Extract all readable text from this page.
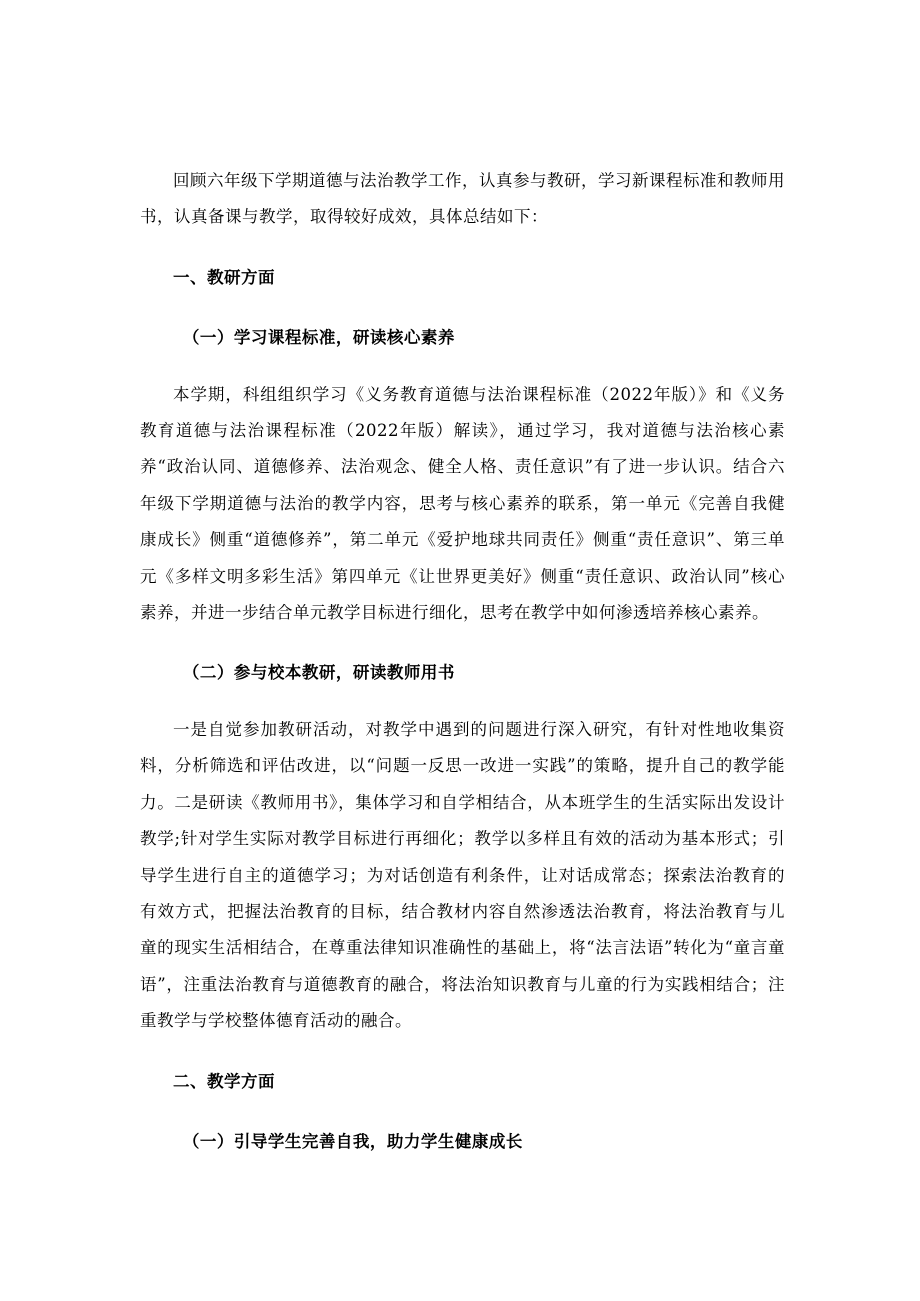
回顾六年级下学期道德与法治教学工作，认真参与教研，学习新课程标准和教师用书，认真备课与教学，取得较好成效，具体总结如下：

一、教研方面
（一）学习课程标准，研读核心素养

本学期，科组组织学习《义务教育道德与法治课程标准（2022年版）》和《义务教育道德与法治课程标准（2022年版）解读》，通过学习，我对道德与法治核心素养“政治认同、道德修养、法治观念、健全人格、责任意识”有了进一步认识。结合六年级下学期道德与法治的教学内容，思考与核心素养的联系，第一单元《完善自我健康成长》侧重“道德修养”，第二单元《爱护地球共同责任》侧重“责任意识”、第三单元《多样文明多彩生活》第四单元《让世界更美好》侧重“责任意识、政治认同”核心素养，并进一步结合单元教学目标进行细化，思考在教学中如何渗透培养核心素养。

（二）参与校本教研，研读教师用书

一是自觉参加教研活动，对教学中遇到的问题进行深入研究，有针对性地收集资料，分析筛选和评估改进，以“问题一反思一改进一实践”的策略，提升自己的教学能力。二是研读《教师用书》，集体学习和自学相结合，从本班学生的生活实际出发设计教学;针对学生实际对教学目标进行再细化；教学以多样且有效的活动为基本形式；引导学生进行自主的道德学习；为对话创造有利条件，让对话成常态；探索法治教育的有效方式，把握法治教育的目标，结合教材内容自然渗透法治教育，将法治教育与儿童的现实生活相结合，在尊重法律知识准确性的基础上，将“法言法语”转化为“童言童语”，注重法治教育与道德教育的融合，将法治知识教育与儿童的行为实践相结合；注重教学与学校整体德育活动的融合。

二、教学方面
（一）引导学生完善自我，助力学生健康成长
